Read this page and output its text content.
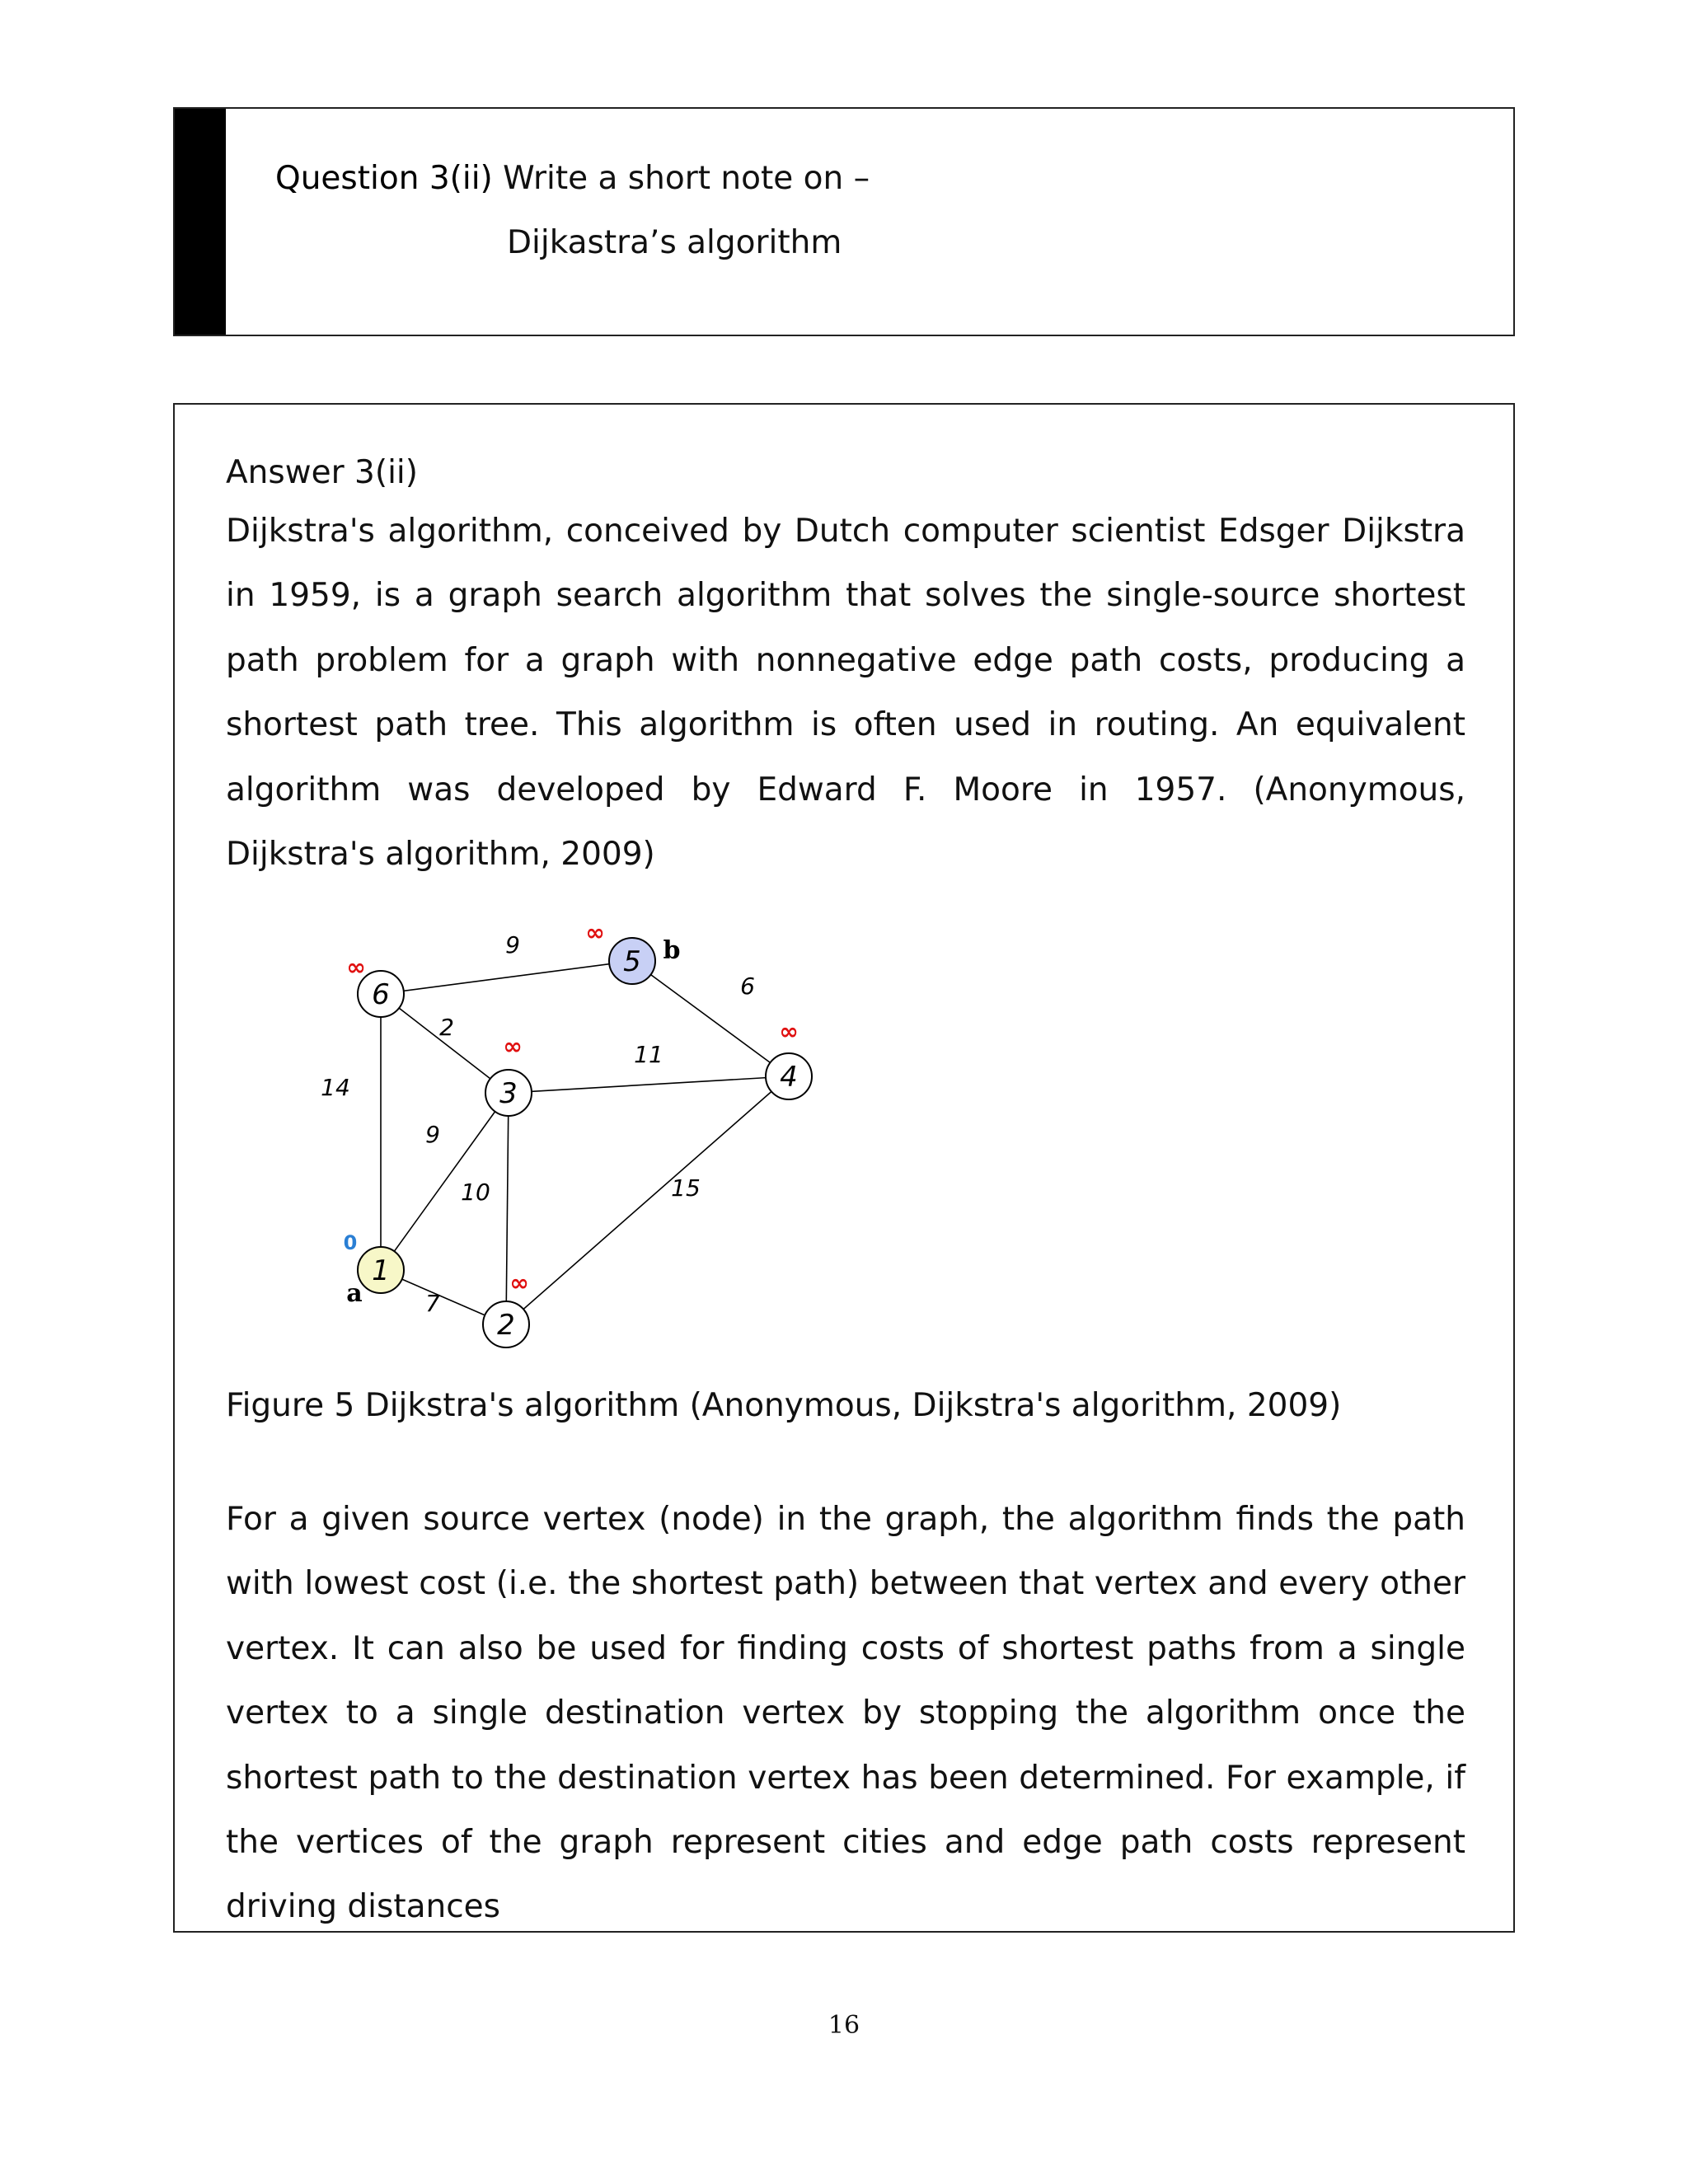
Question 3(ii) Write a short note on –
Dijkastra’s algorithm
Answer 3(ii)

Dijkstra's algorithm, conceived by Dutch computer scientist Edsger Dijkstra in 1959, is a graph search algorithm that solves the single-source shortest path problem for a graph with nonnegative edge path costs, producing a shortest path tree. This algorithm is often used in routing. An equivalent algorithm was developed by Edward F. Moore in 1957. (Anonymous, Dijkstra's algorithm, 2009)

9
6
2
11
14
9
10	15
7
1
0
a
2
∞
3
∞
4
∞
5
∞
b
6
∞
Figure 5 Dijkstra's algorithm (Anonymous, Dijkstra's algorithm, 2009)

For a given source vertex (node) in the graph, the algorithm finds the path with lowest cost (i.e. the shortest path) between that vertex and every other vertex. It can also be used for finding costs of shortest paths from a single vertex to a single destination vertex by stopping the algorithm once the shortest path to the destination vertex has been determined. For example, if the vertices of the graph represent cities and edge path costs represent driving distances

16
